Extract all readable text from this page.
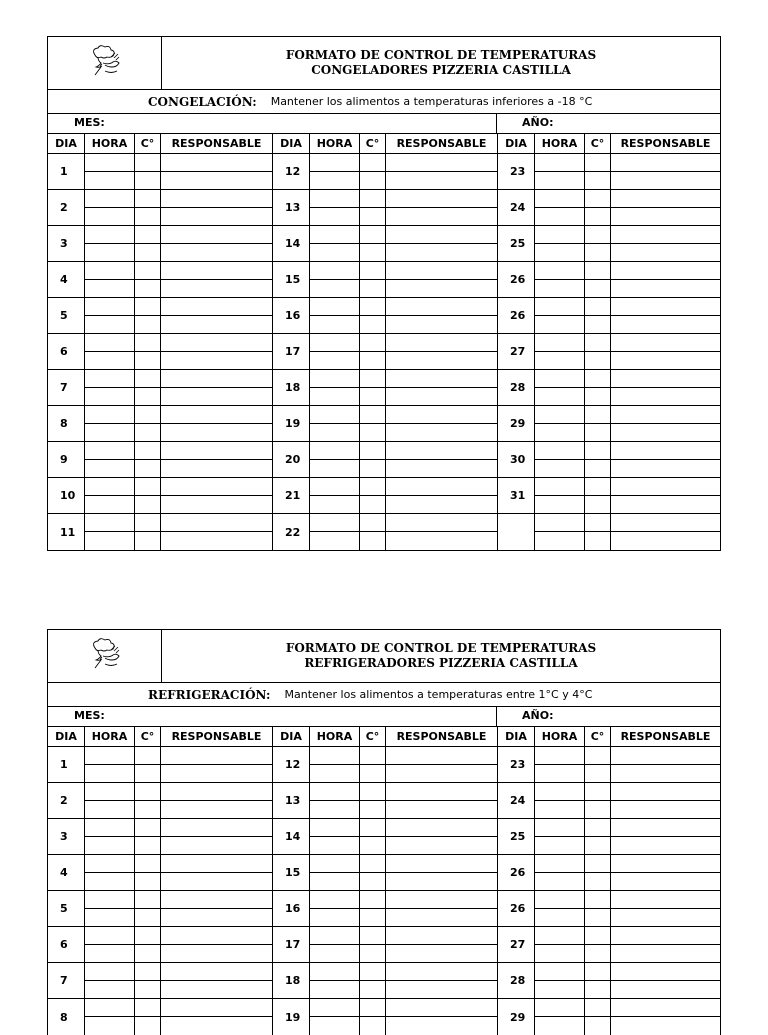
FORMATO DE CONTROL DE TEMPERATURAS
CONGELADORES PIZZERIA CASTILLA
CONGELACIÓN: Mantener los alimentos a temperaturas inferiores a -18 °C
MES:	AÑO:
DIA	HORA	C°	RESPONSABLE	DIA	HORA	C°	RESPONSABLE	DIA	HORA	C°	RESPONSABLE
1	12	23
2	13	24
3	14	25
4	15	26
5	16	26
6	17	27
7	18	28
8	19	29
9	20	30
10	21	31
11	22
FORMATO DE CONTROL DE TEMPERATURAS
REFRIGERADORES PIZZERIA CASTILLA
REFRIGERACIÓN: Mantener los alimentos a temperaturas entre 1°C y 4°C
MES:	AÑO:
DIA	HORA	C°	RESPONSABLE	DIA	HORA	C°	RESPONSABLE	DIA	HORA	C°	RESPONSABLE
1	12	23
2	13	24
3	14	25
4	15	26
5	16	26
6	17	27
7	18	28
8	19	29
